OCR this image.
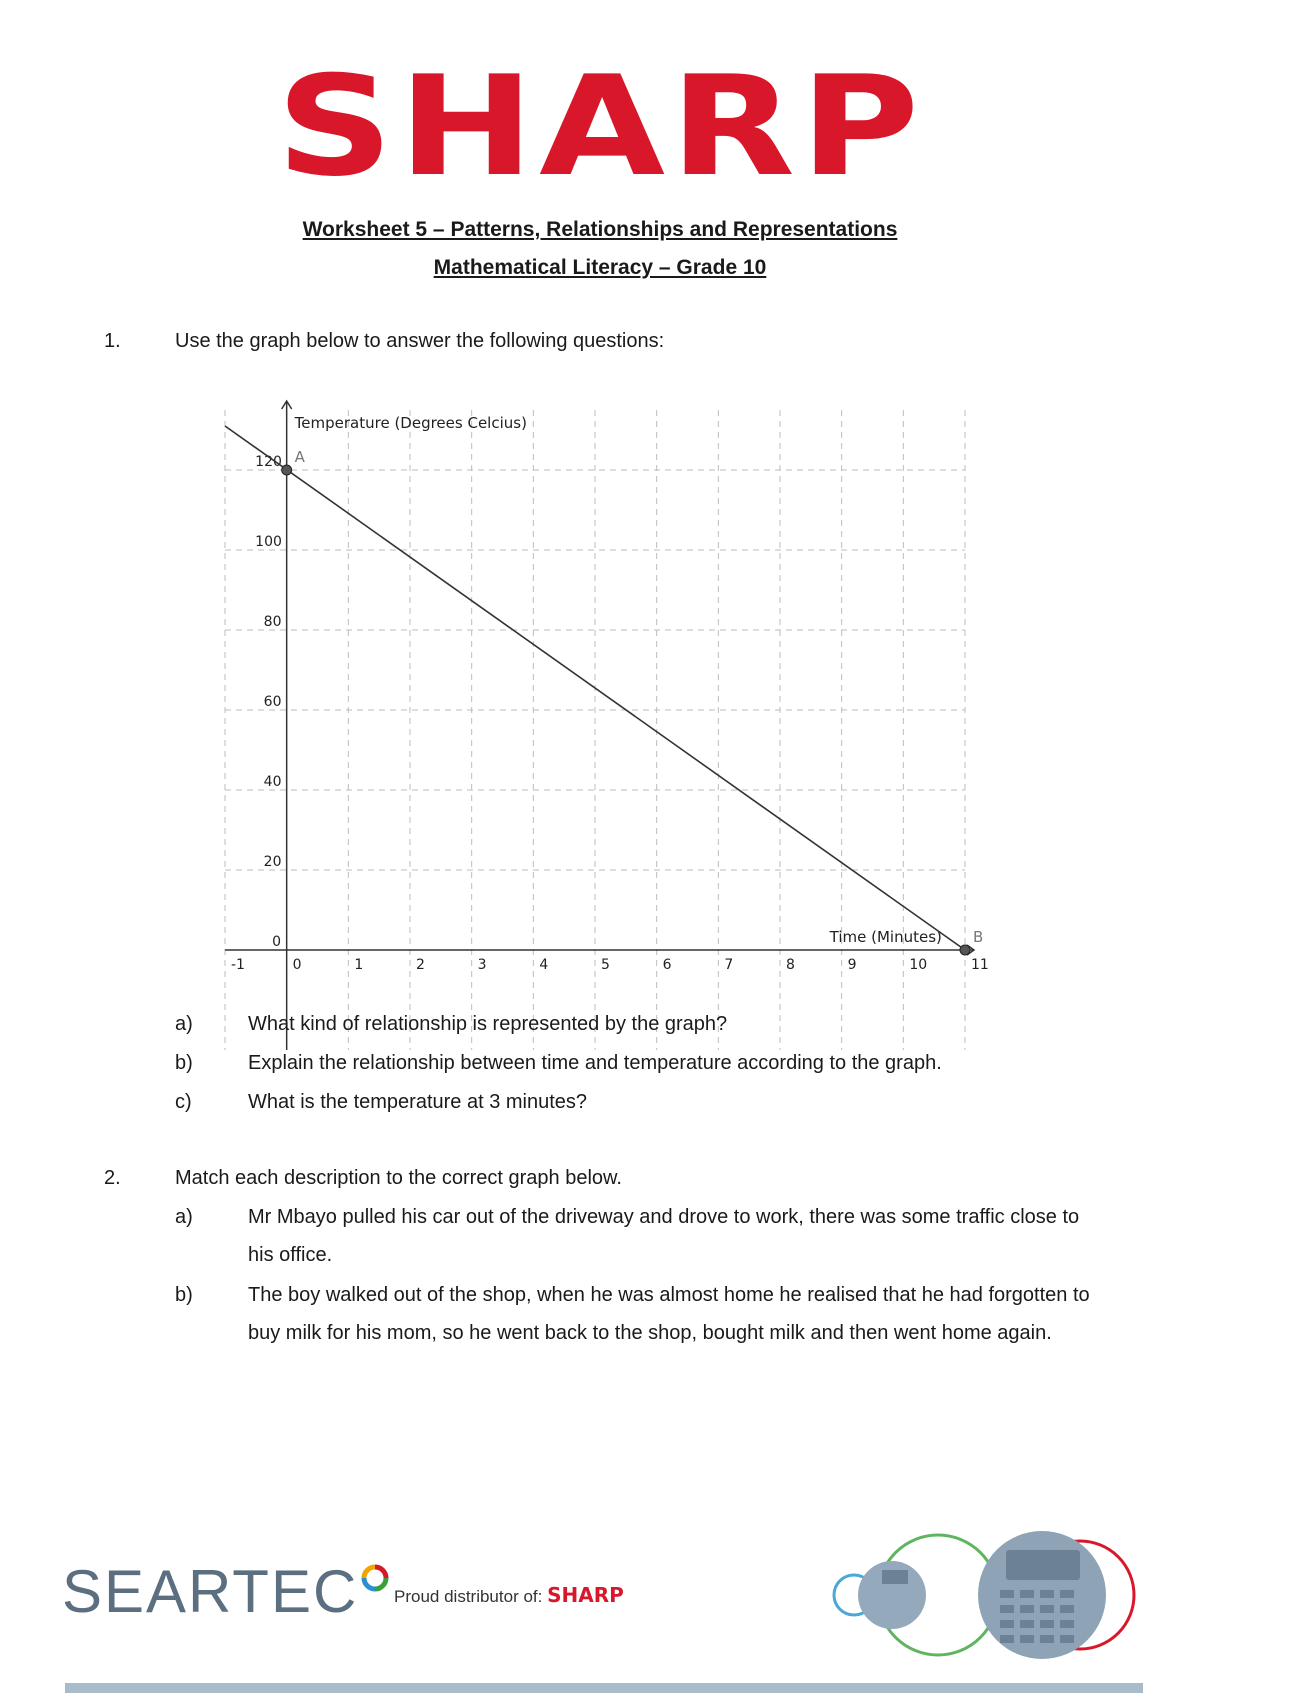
SHARP
Worksheet 5 – Patterns, Relationships and Representations
Mathematical Literacy – Grade 10
1.	Use the graph below to answer the following questions:
-1	0	1	2	3	4	5	6	7	8	9	10	11
0
20
40
60
80
100
120
Temperature (Degrees Celcius)
Time (Minutes)
A
B
a)	What kind of relationship is represented by the graph?
b)	Explain the relationship between time and temperature according to the graph.
c)	What is the temperature at 3 minutes?
2.	Match each description to the correct graph below.
a)	Mr Mbayo pulled his car out of the driveway and drove to work, there was some traffic close to his office.
b)	The boy walked out of the shop, when he was almost home he realised that he had forgotten to buy milk for his mom, so he went back to the shop, bought milk and then went home again.
SEARTEC Proud distributor of: SHARP
